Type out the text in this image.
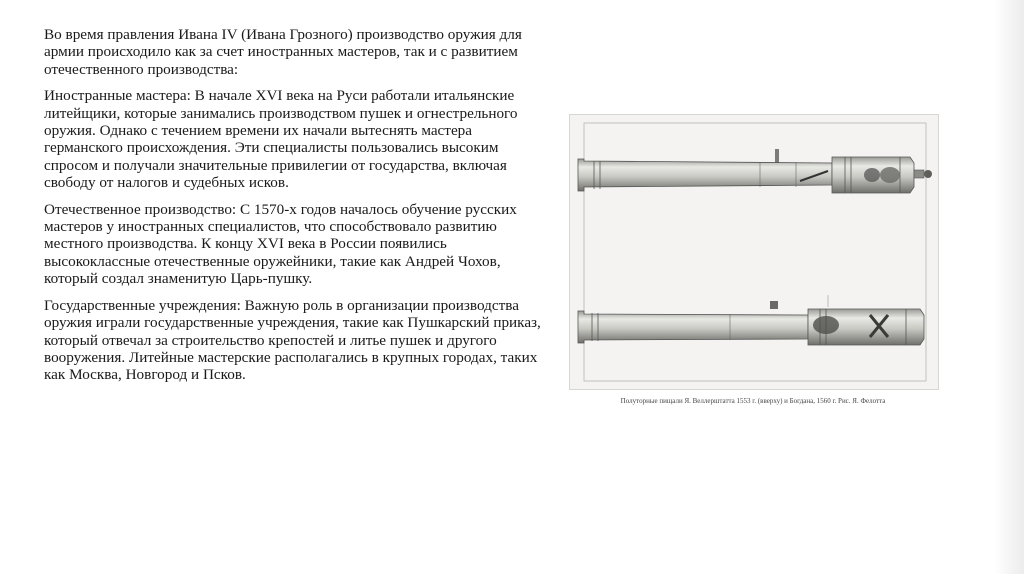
Во время правления Ивана IV (Ивана Грозного) производство оружия для армии происходило как за счет иностранных мастеров, так и с развитием отечественного производства:

Иностранные мастера: В начале XVI века на Руси работали итальянские литейщики, которые занимались производством пушек и огнестрельного оружия. Однако с течением времени их начали вытеснять мастера германского происхождения. Эти специалисты пользовались высоким спросом и получали значительные привилегии от государства, включая свободу от налогов и судебных исков.

Отечественное производство: С 1570-х годов началось обучение русских мастеров у иностранных специалистов, что способствовало развитию местного производства. К концу XVI века в России появились высококлассные отечественные оружейники, такие как Андрей Чохов, который создал знаменитую Царь-пушку.

Государственные учреждения: Важную роль в организации производства оружия играли государственные учреждения, такие как Пушкарский приказ, который отвечал за строительство крепостей и литье пушек и другого вооружения. Литейные мастерские располагались в крупных городах, таких как Москва, Новгород и Псков.

Полуторные пищали Я. Веллерштатта 1553 г. (вверху) и Богдана, 1560 г. Рис. Я. Фелотта
